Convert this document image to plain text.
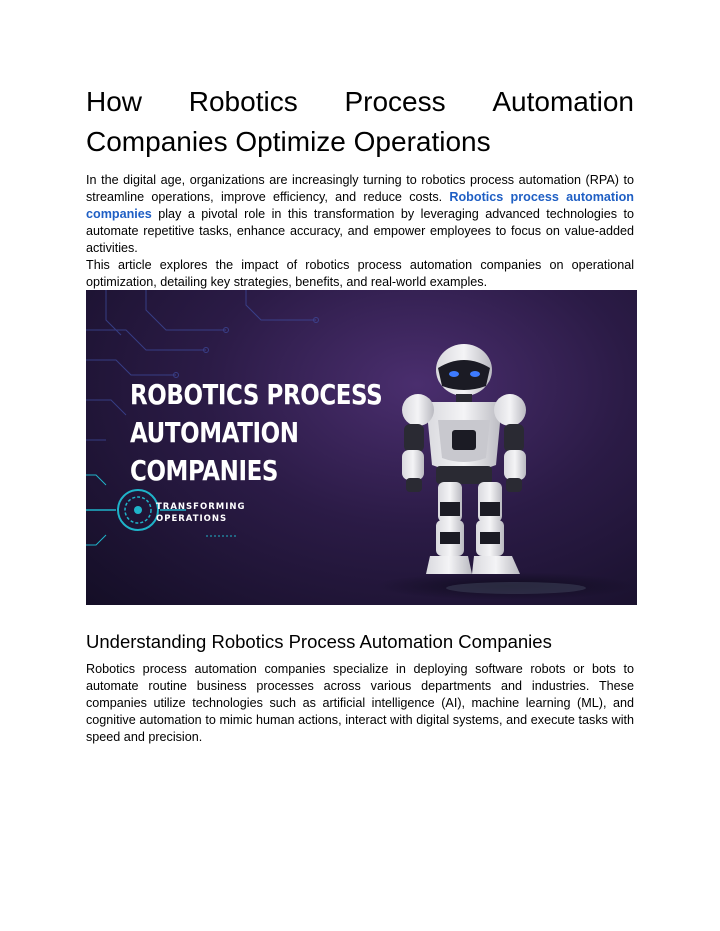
How Robotics Process Automation
Companies Optimize Operations

In the digital age, organizations are increasingly turning to robotics process automation (RPA) to streamline operations, improve efficiency, and reduce costs. Robotics process automation companies play a pivotal role in this transformation by leveraging advanced technologies to automate repetitive tasks, enhance accuracy, and empower employees to focus on value-added activities.

This article explores the impact of robotics process automation companies on operational optimization, detailing key strategies, benefits, and real-world examples.

ROBOTICS PROCESS
AUTOMATION
COMPANIES
TRANSFORMING
OPERATIONS
Understanding Robotics Process Automation Companies

Robotics process automation companies specialize in deploying software robots or bots to automate routine business processes across various departments and industries. These companies utilize technologies such as artificial intelligence (AI), machine learning (ML), and cognitive automation to mimic human actions, interact with digital systems, and execute tasks with speed and precision.
